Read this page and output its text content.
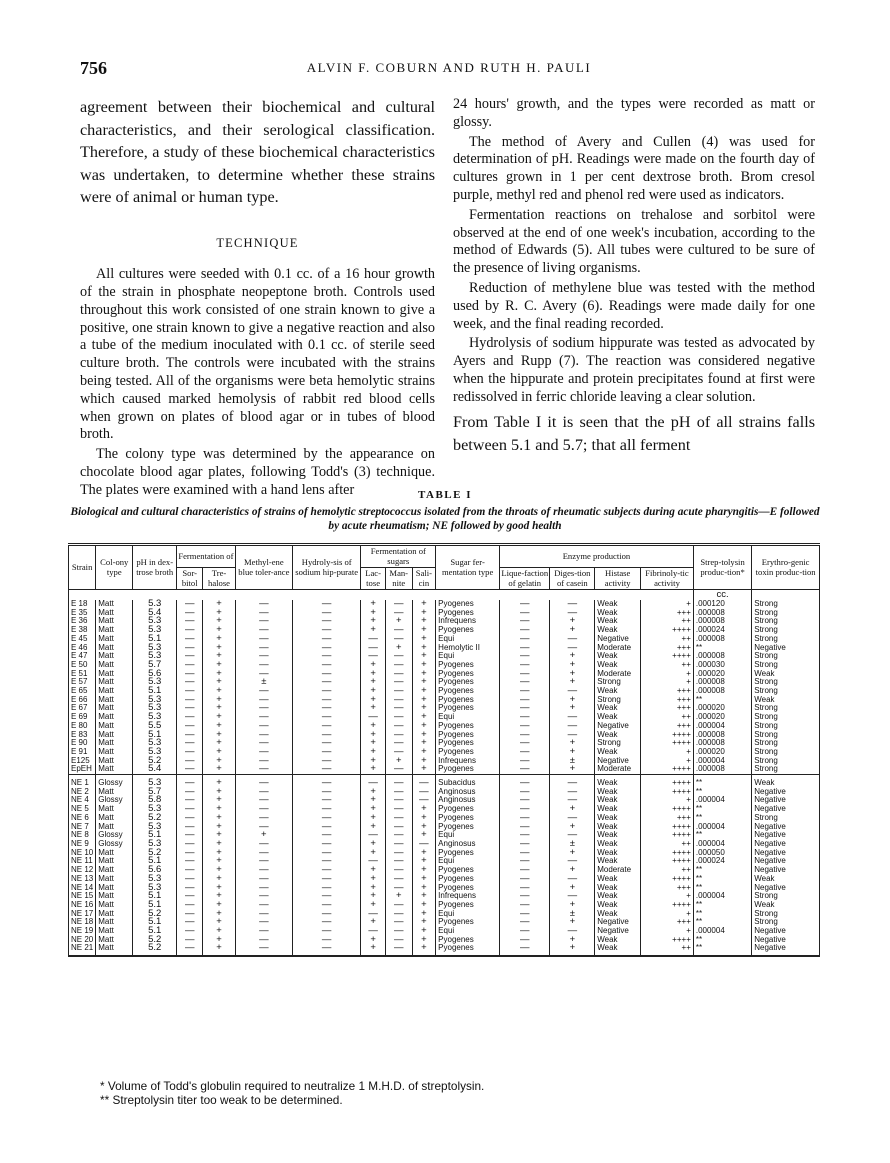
756	ALVIN F. COBURN AND RUTH H. PAULI

agreement between their biochemical and cultural characteristics, and their serological classification. Therefore, a study of these biochemical characteristics was undertaken, to determine whether these strains were of animal or human type.

TECHNIQUE

All cultures were seeded with 0.1 cc. of a 16 hour growth of the strain in phosphate neopeptone broth. Controls used throughout this work consisted of one strain known to give a positive, one strain known to give a negative reaction and also a tube of the medium inoculated with 0.1 cc. of sterile seed culture broth. The controls were incubated with the strains being tested. All of the organisms were beta hemolytic strains which caused marked hemolysis of rabbit red blood cells when grown on plates of blood agar or in tubes of blood broth.

The colony type was determined by the appearance on chocolate blood agar plates, following Todd's (3) technique. The plates were examined with a hand lens after

24 hours' growth, and the types were recorded as matt or glossy.

The method of Avery and Cullen (4) was used for determination of pH. Readings were made on the fourth day of cultures grown in 1 per cent dextrose broth. Brom cresol purple, methyl red and phenol red were used as indicators.

Fermentation reactions on trehalose and sorbitol were observed at the end of one week's incubation, according to the method of Edwards (5). All tubes were cultured to be sure of the presence of living organisms.

Reduction of methylene blue was tested with the method used by R. C. Avery (6). Readings were made daily for one week, and the final reading recorded.

Hydrolysis of sodium hippurate was tested as advocated by Ayers and Rupp (7). The reaction was considered negative when the hippurate and protein precipitates found at first were redissolved in ferric chloride leaving a clear solution.

From Table I it is seen that the pH of all strains falls between 5.1 and 5.7; that all ferment

TABLE I
Biological and cultural characteristics of strains of hemolytic streptococcus isolated from the throats of rheumatic subjects during acute pharyngitis—E followed by acute rheumatism; NE followed by good health
Strain	Col-ony type	pH in dex-trose broth	Fermentation of		Methyl-ene blue toler-ance	Hydroly-sis of sodium hip-purate	Fermentation of sugars			Sugar fer-mentation type	Enzyme production				Strep-tolysin produc-tion*	Erythro-genic toxin produc-tion
			Sor-bitol	Tre-halose			Lac-tose	Man-nite	Sali-cin		Lique-faction of gelatin	Diges-tion of casein	Histase activity	Fibrinoly-tic activity		
															cc.	
E 18	Matt	5.3	—	+	—	—	+	—	+	Pyogenes	—	—	Weak	+	.000120	Strong
E 35	Matt	5.4	—	+	—	—	+	—	+	Pyogenes	—	—	Weak	+++	.000008	Strong
E 36	Matt	5.3	—	+	—	—	+	+	+	Infrequens	—	+	Weak	++	.000008	Strong
E 38	Matt	5.3	—	+	—	—	+	—	+	Pyogenes	—	+	Weak	++++	.000024	Strong
E 45	Matt	5.1	—	+	—	—	—	—	+	Equi	—	—	Negative	++	.000008	Strong
E 46	Matt	5.3	—	+	—	—	—	+	+	Hemolytic II	—	—	Moderate	+++	**	Negative
E 47	Matt	5.3	—	+	—	—	—	—	+	Equi	—	+	Weak	++++	.000008	Strong
E 50	Matt	5.7	—	+	—	—	+	—	+	Pyogenes	—	+	Weak	++	.000030	Strong
E 51	Matt	5.6	—	+	—	—	+	—	+	Pyogenes	—	+	Moderate	+	.000020	Weak
E 57	Matt	5.3	—	+	±	—	+	—	+	Pyogenes	—	+	Strong	+	.000008	Strong
E 65	Matt	5.1	—	+	—	—	+	—	+	Pyogenes	—	—	Weak	+++	.000008	Strong
E 66	Matt	5.3	—	+	—	—	+	—	+	Pyogenes	—	+	Strong	+++	**	Weak
E 67	Matt	5.3	—	+	—	—	+	—	+	Pyogenes	—	+	Weak	+++	.000020	Strong
E 69	Matt	5.3	—	+	—	—	—	—	+	Equi	—	—	Weak	++	.000020	Strong
E 80	Matt	5.5	—	+	—	—	+	—	+	Pyogenes	—	—	Negative	+++	.000004	Strong
E 83	Matt	5.1	—	+	—	—	+	—	+	Pyogenes	—	—	Weak	++++	.000008	Strong
E 90	Matt	5.3	—	+	—	—	+	—	+	Pyogenes	—	+	Strong	++++	.000008	Strong
E 91	Matt	5.3	—	+	—	—	+	—	+	Pyogenes	—	+	Weak	+	.000020	Strong
E125	Matt	5.2	—	+	—	—	+	+	+	Infrequens	—	±	Negative	+	.000004	Strong
EpEH	Matt	5.4	—	+	—	—	+	—	+	Pyogenes	—	+	Moderate	++++	.000008	Strong

NE 1	Glossy	5.3	—	+	—	—	—	—	—	Subacidus	—	—	Weak	++++	**	Weak
NE 2	Matt	5.7	—	+	—	—	+	—	—	Anginosus	—	—	Weak	++++	**	Negative
NE 4	Glossy	5.8	—	+	—	—	+	—	—	Anginosus	—	—	Weak	+	.000004	Negative
NE 5	Matt	5.3	—	+	—	—	+	—	+	Pyogenes	—	+	Weak	++++	**	Negative
NE 6	Matt	5.2	—	+	—	—	+	—	+	Pyogenes	—	—	Weak	+++	**	Strong
NE 7	Matt	5.3	—	+	—	—	+	—	+	Pyogenes	—	+	Weak	++++	.000004	Negative
NE 8	Glossy	5.1	—	+	+	—	—	—	+	Equi	—	—	Weak	++++	**	Negative
NE 9	Glossy	5.3	—	+	—	—	+	—	—	Anginosus	—	±	Weak	++	.000004	Negative
NE 10	Matt	5.2	—	+	—	—	+	—	+	Pyogenes	—	+	Weak	++++	.000050	Negative
NE 11	Matt	5.1	—	+	—	—	—	—	+	Equi	—	—	Weak	++++	.000024	Negative
NE 12	Matt	5.6	—	+	—	—	+	—	+	Pyogenes	—	+	Moderate	++	**	Negative
NE 13	Matt	5.3	—	+	—	—	+	—	+	Pyogenes	—	—	Weak	++++	**	Weak
NE 14	Matt	5.3	—	+	—	—	+	—	+	Pyogenes	—	+	Weak	+++	**	Negative
NE 15	Matt	5.1	—	+	—	—	+	+	+	Infrequens	—	—	Weak	+	.000004	Strong
NE 16	Matt	5.1	—	+	—	—	+	—	+	Pyogenes	—	+	Weak	++++	**	Weak
NE 17	Matt	5.2	—	+	—	—	—	—	+	Equi	—	±	Weak	+	**	Strong
NE 18	Matt	5.1	—	+	—	—	+	—	+	Pyogenes	—	+	Negative	+++	**	Strong
NE 19	Matt	5.1	—	+	—	—	—	—	+	Equi	—	—	Negative	+	.000004	Negative
NE 20	Matt	5.2	—	+	—	—	+	—	+	Pyogenes	—	+	Weak	++++	**	Negative
NE 21	Matt	5.2	—	+	—	—	+	—	+	Pyogenes	—	+	Weak	++	**	Negative
* Volume of Todd's globulin required to neutralize 1 M.H.D. of streptolysin.
** Streptolysin titer too weak to be determined.
